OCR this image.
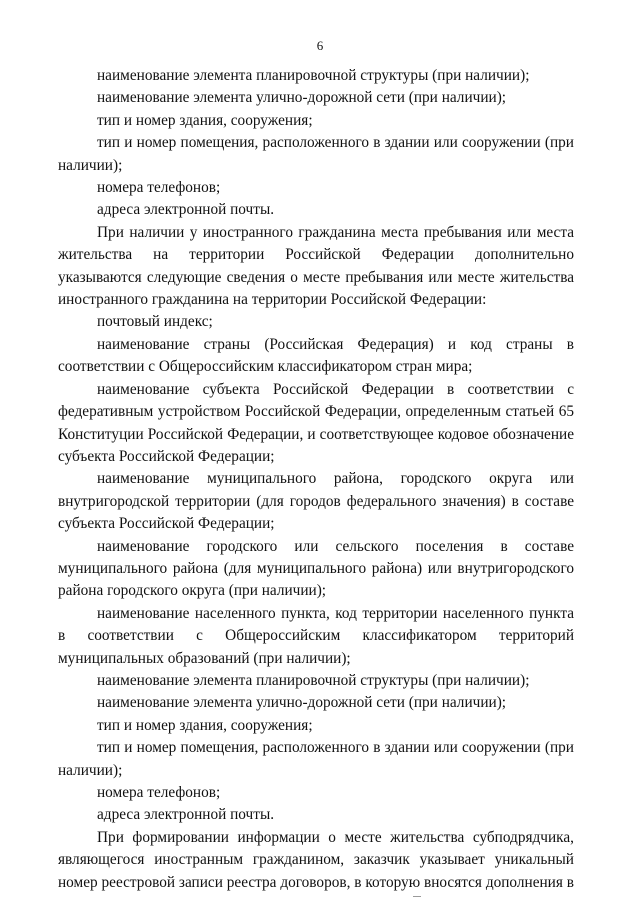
6

наименование элемента планировочной структуры (при наличии);

наименование элемента улично-дорожной сети (при наличии);

тип и номер здания, сооружения;

тип и номер помещения, расположенного в здании или сооружении (при наличии);

номера телефонов;

адреса электронной почты.

При наличии у иностранного гражданина места пребывания или места жительства на территории Российской Федерации дополнительно указываются следующие сведения о месте пребывания или месте жительства иностранного гражданина на территории Российской Федерации:

почтовый индекс;

наименование страны (Российская Федерация) и код страны в соответствии с Общероссийским классификатором стран мира;

наименование субъекта Российской Федерации в соответствии с федеративным устройством Российской Федерации, определенным статьей 65 Конституции Российской Федерации, и соответствующее кодовое обозначение субъекта Российской Федерации;

наименование муниципального района, городского округа или внутригородской территории (для городов федерального значения) в составе субъекта Российской Федерации;

наименование городского или сельского поселения в составе муниципального района (для муниципального района) или внутригородского района городского округа (при наличии);

наименование населенного пункта, код территории населенного пункта в соответствии с Общероссийским классификатором территорий муниципальных образований (при наличии);

наименование элемента планировочной структуры (при наличии);

наименование элемента улично-дорожной сети (при наличии);

тип и номер здания, сооружения;

тип и номер помещения, расположенного в здании или сооружении (при наличии);

номера телефонов;

адреса электронной почты.

При формировании информации о месте жительства субподрядчика, являющегося иностранным гражданином, заказчик указывает уникальный номер реестровой записи реестра договоров, в которую вносятся дополнения в
